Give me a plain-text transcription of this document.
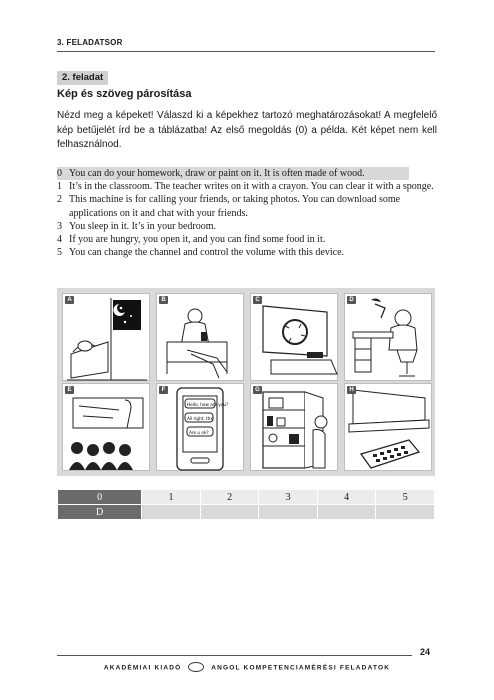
3. FELADATSOR
2. feladat
Kép és szöveg párosítása
Nézd meg a képeket! Válaszd ki a képekhez tartozó meghatározásokat! A megfelelő kép betűjelét írd be a táblázatba! Az első megoldás (0) a példa. Két képet nem kell felhasználnod.
0 You can do your homework, draw or paint on it. It is often made of wood.
1 It’s in the classroom. The teacher writes on it with a crayon. You can clear it with a sponge.
2 This machine is for calling your friends, or taking photos. You can download some applications on it and chat with your friends.
3 You sleep in it. It’s in your bedroom.
4 If you are hungry, you open it, and you can find some food in it.
5 You can change the channel and control the volume with this device.
A	B	C	D
E	F
Hello, how are you?
All right, thx
Are u ok?
G	H
0	1	2	3	4	5
D					
24
AKADÉMIAI KIADÓ	ANGOL KOMPETENCIAMÉRÉSI FELADATOK
